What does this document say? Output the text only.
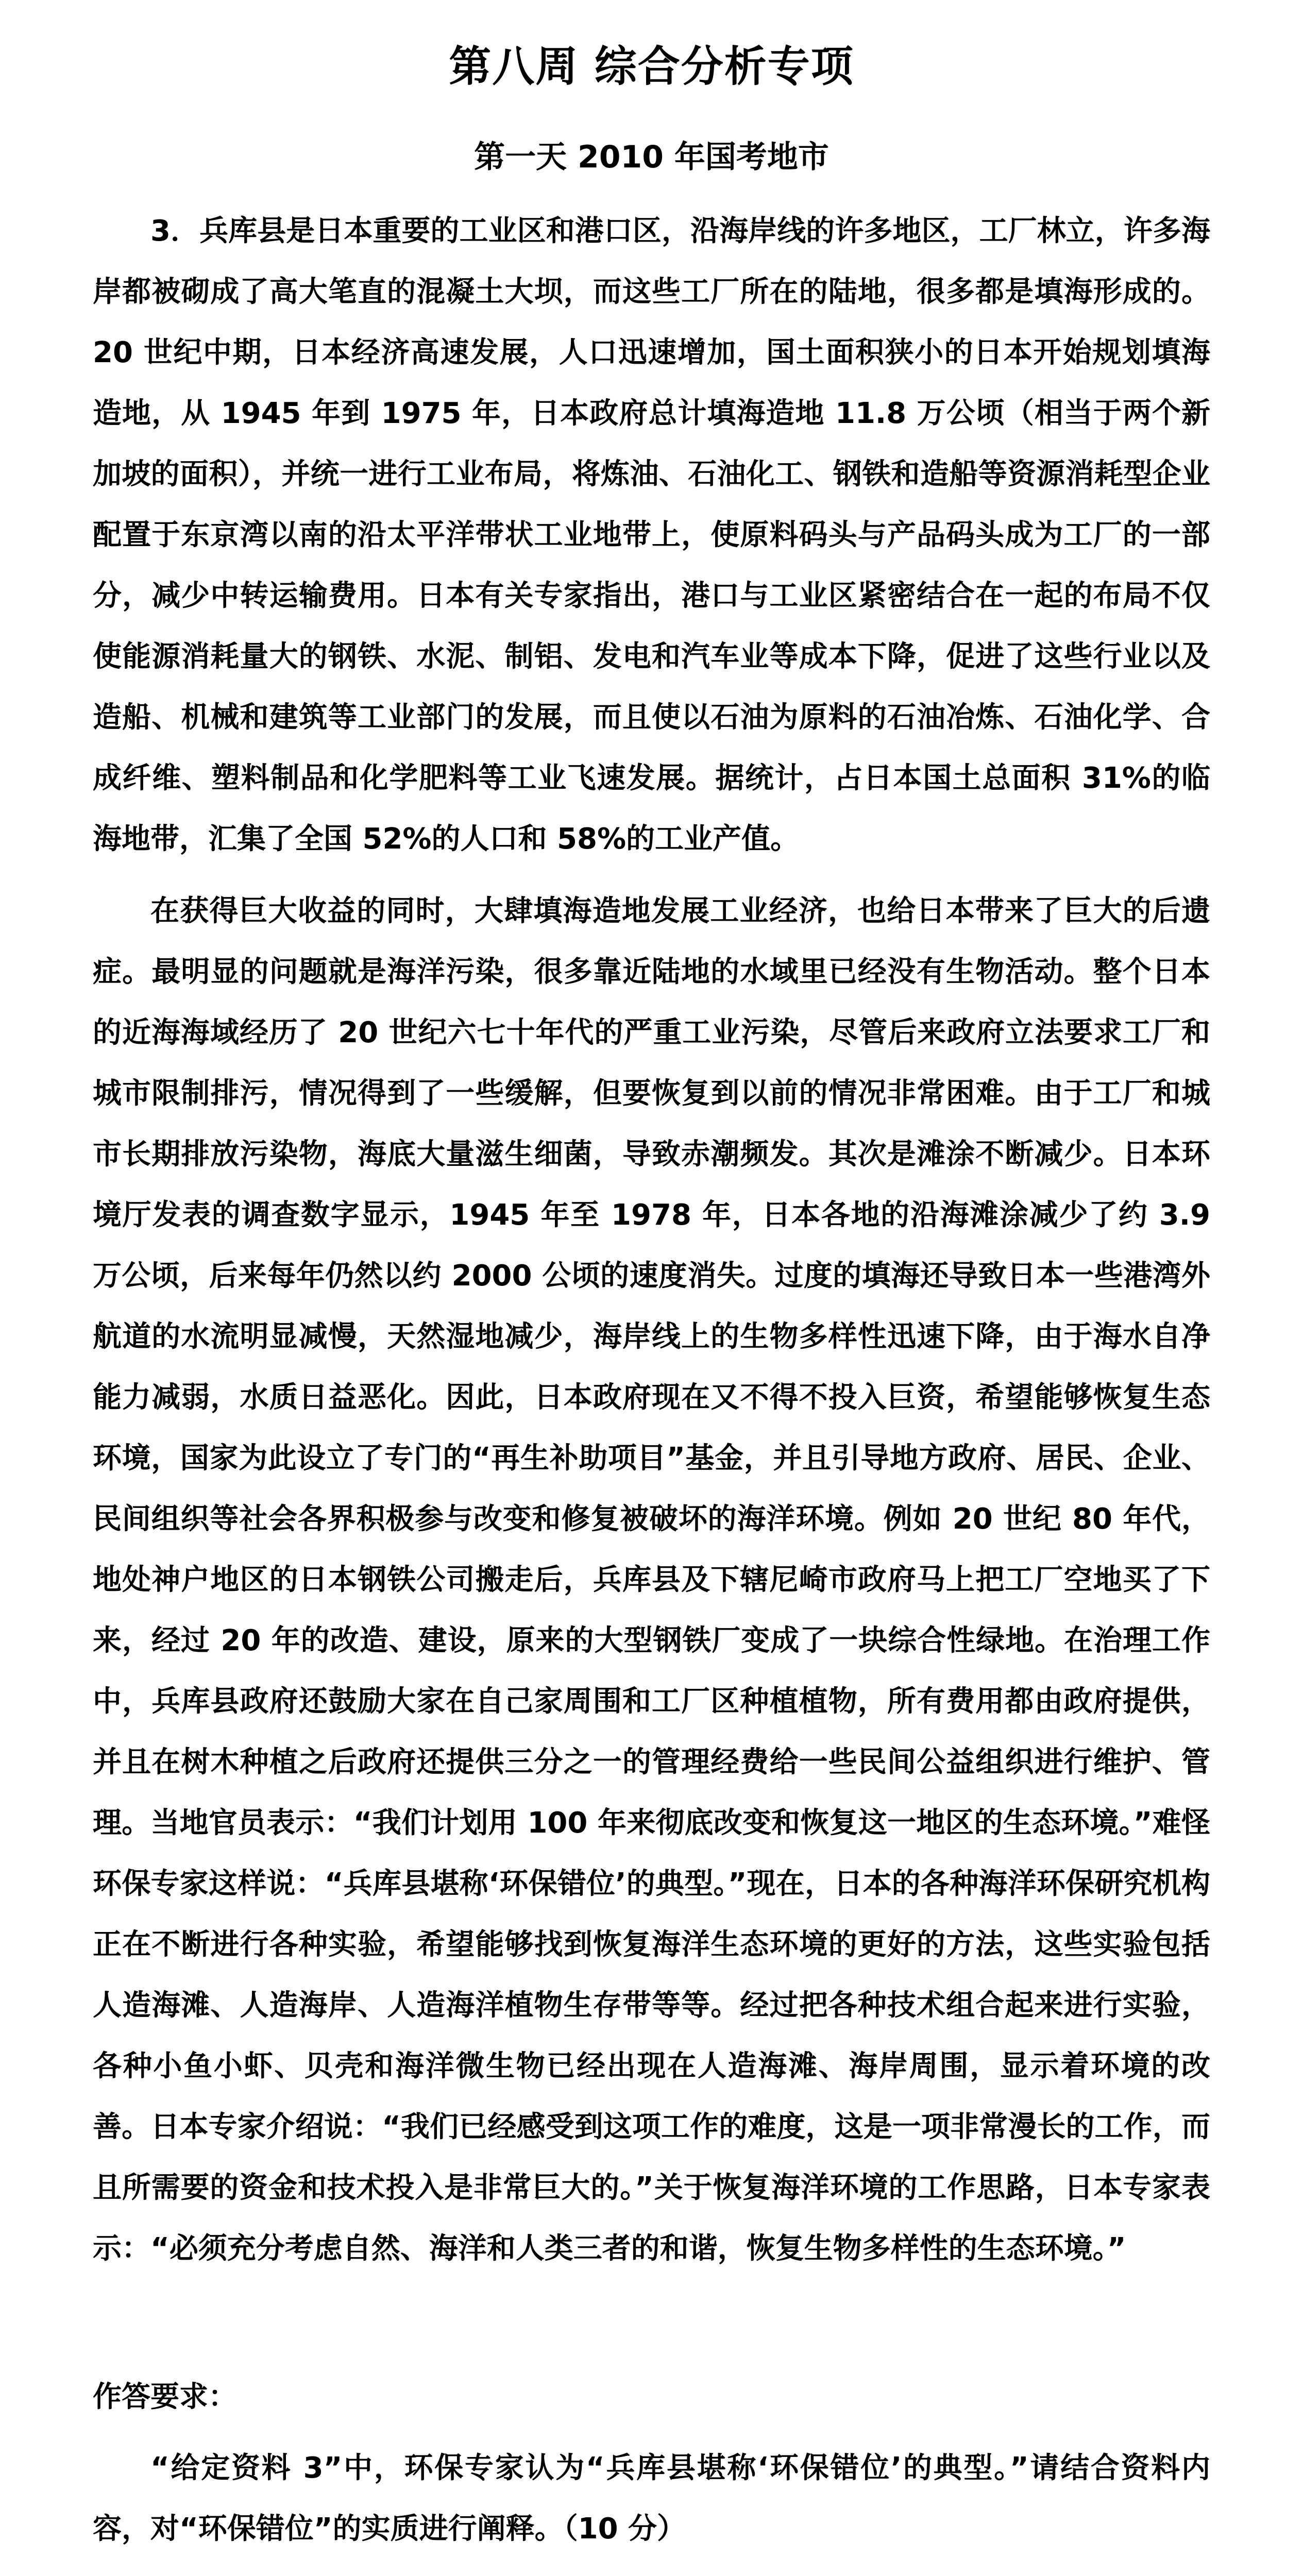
第八周 综合分析专项
第一天 2010 年国考地市

3．兵库县是日本重要的工业区和港口区，沿海岸线的许多地区，工厂林立，许多海岸都被砌成了高大笔直的混凝土大坝，而这些工厂所在的陆地，很多都是填海形成的。20 世纪中期，日本经济高速发展，人口迅速增加，国土面积狭小的日本开始规划填海造地，从 1945 年到 1975 年，日本政府总计填海造地 11.8 万公顷（相当于两个新加坡的面积），并统一进行工业布局，将炼油、石油化工、钢铁和造船等资源消耗型企业配置于东京湾以南的沿太平洋带状工业地带上，使原料码头与产品码头成为工厂的一部分，减少中转运输费用。日本有关专家指出，港口与工业区紧密结合在一起的布局不仅使能源消耗量大的钢铁、水泥、制铝、发电和汽车业等成本下降，促进了这些行业以及造船、机械和建筑等工业部门的发展，而且使以石油为原料的石油冶炼、石油化学、合成纤维、塑料制品和化学肥料等工业飞速发展。据统计，占日本国土总面积 31%的临海地带，汇集了全国 52%的人口和 58%的工业产值。

在获得巨大收益的同时，大肆填海造地发展工业经济，也给日本带来了巨大的后遗症。最明显的问题就是海洋污染，很多靠近陆地的水域里已经没有生物活动。整个日本的近海海域经历了 20 世纪六七十年代的严重工业污染，尽管后来政府立法要求工厂和城市限制排污，情况得到了一些缓解，但要恢复到以前的情况非常困难。由于工厂和城市长期排放污染物，海底大量滋生细菌，导致赤潮频发。其次是滩涂不断减少。日本环境厅发表的调查数字显示，1945 年至 1978 年，日本各地的沿海滩涂减少了约 3.9 万公顷，后来每年仍然以约 2000 公顷的速度消失。过度的填海还导致日本一些港湾外航道的水流明显减慢，天然湿地减少，海岸线上的生物多样性迅速下降，由于海水自净能力减弱，水质日益恶化。因此，日本政府现在又不得不投入巨资，希望能够恢复生态环境，国家为此设立了专门的“再生补助项目”基金，并且引导地方政府、居民、企业、民间组织等社会各界积极参与改变和修复被破坏的海洋环境。例如 20 世纪 80 年代，地处神户地区的日本钢铁公司搬走后，兵库县及下辖尼崎市政府马上把工厂空地买了下来，经过 20 年的改造、建设，原来的大型钢铁厂变成了一块综合性绿地。在治理工作中，兵库县政府还鼓励大家在自己家周围和工厂区种植植物，所有费用都由政府提供，并且在树木种植之后政府还提供三分之一的管理经费给一些民间公益组织进行维护、管理。当地官员表示：“我们计划用 100 年来彻底改变和恢复这一地区的生态环境。”难怪环保专家这样说：“兵库县堪称‘环保错位’的典型。”现在，日本的各种海洋环保研究机构正在不断进行各种实验，希望能够找到恢复海洋生态环境的更好的方法，这些实验包括人造海滩、人造海岸、人造海洋植物生存带等等。经过把各种技术组合起来进行实验，各种小鱼小虾、贝壳和海洋微生物已经出现在人造海滩、海岸周围，显示着环境的改善。日本专家介绍说：“我们已经感受到这项工作的难度，这是一项非常漫长的工作，而且所需要的资金和技术投入是非常巨大的。”关于恢复海洋环境的工作思路，日本专家表示：“必须充分考虑自然、海洋和人类三者的和谐，恢复生物多样性的生态环境。”

作答要求：

“给定资料 3”中，环保专家认为“兵库县堪称‘环保错位’的典型。”请结合资料内容，对“环保错位”的实质进行阐释。（10 分）
